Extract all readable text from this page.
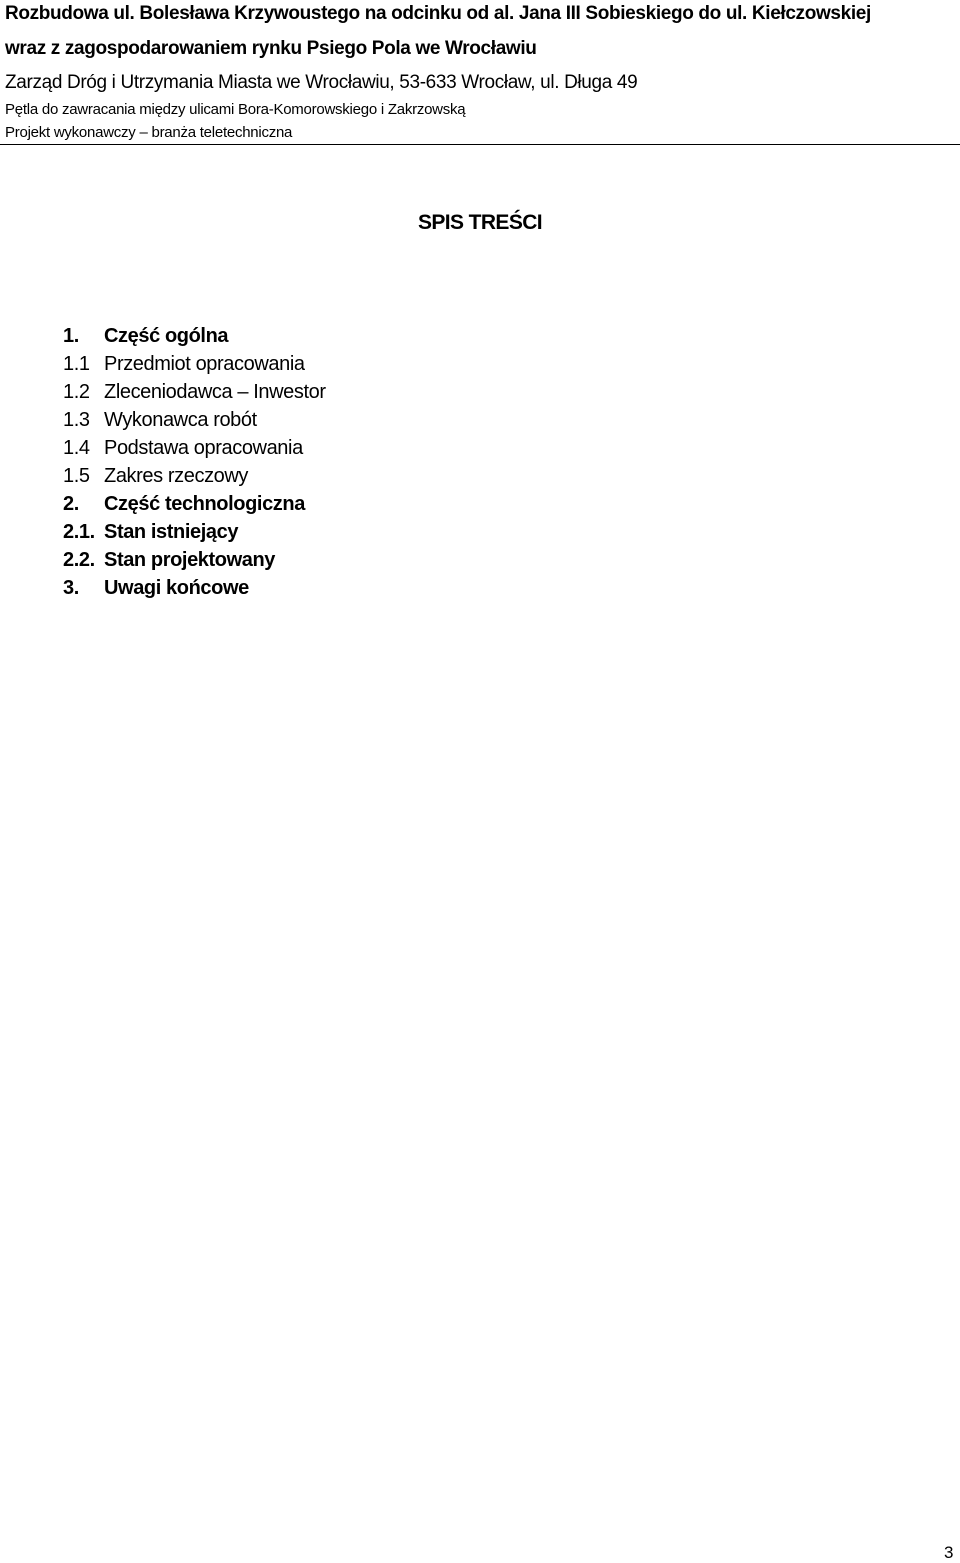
Rozbudowa ul. Bolesława Krzywoustego na odcinku od al. Jana III Sobieskiego do ul. Kiełczowskiej
wraz z zagospodarowaniem rynku Psiego Pola we Wrocławiu
Zarząd Dróg i Utrzymania Miasta we Wrocławiu, 53-633 Wrocław, ul. Długa 49
Pętla do zawracania między ulicami Bora-Komorowskiego i Zakrzowską
Projekt wykonawczy – branża teletechniczna
SPIS TREŚCI
1. Część ogólna
1.1 Przedmiot opracowania
1.2 Zleceniodawca – Inwestor
1.3 Wykonawca robót
1.4 Podstawa opracowania
1.5 Zakres rzeczowy
2. Część technologiczna
2.1. Stan istniejący
2.2. Stan projektowany
3. Uwagi końcowe
3
